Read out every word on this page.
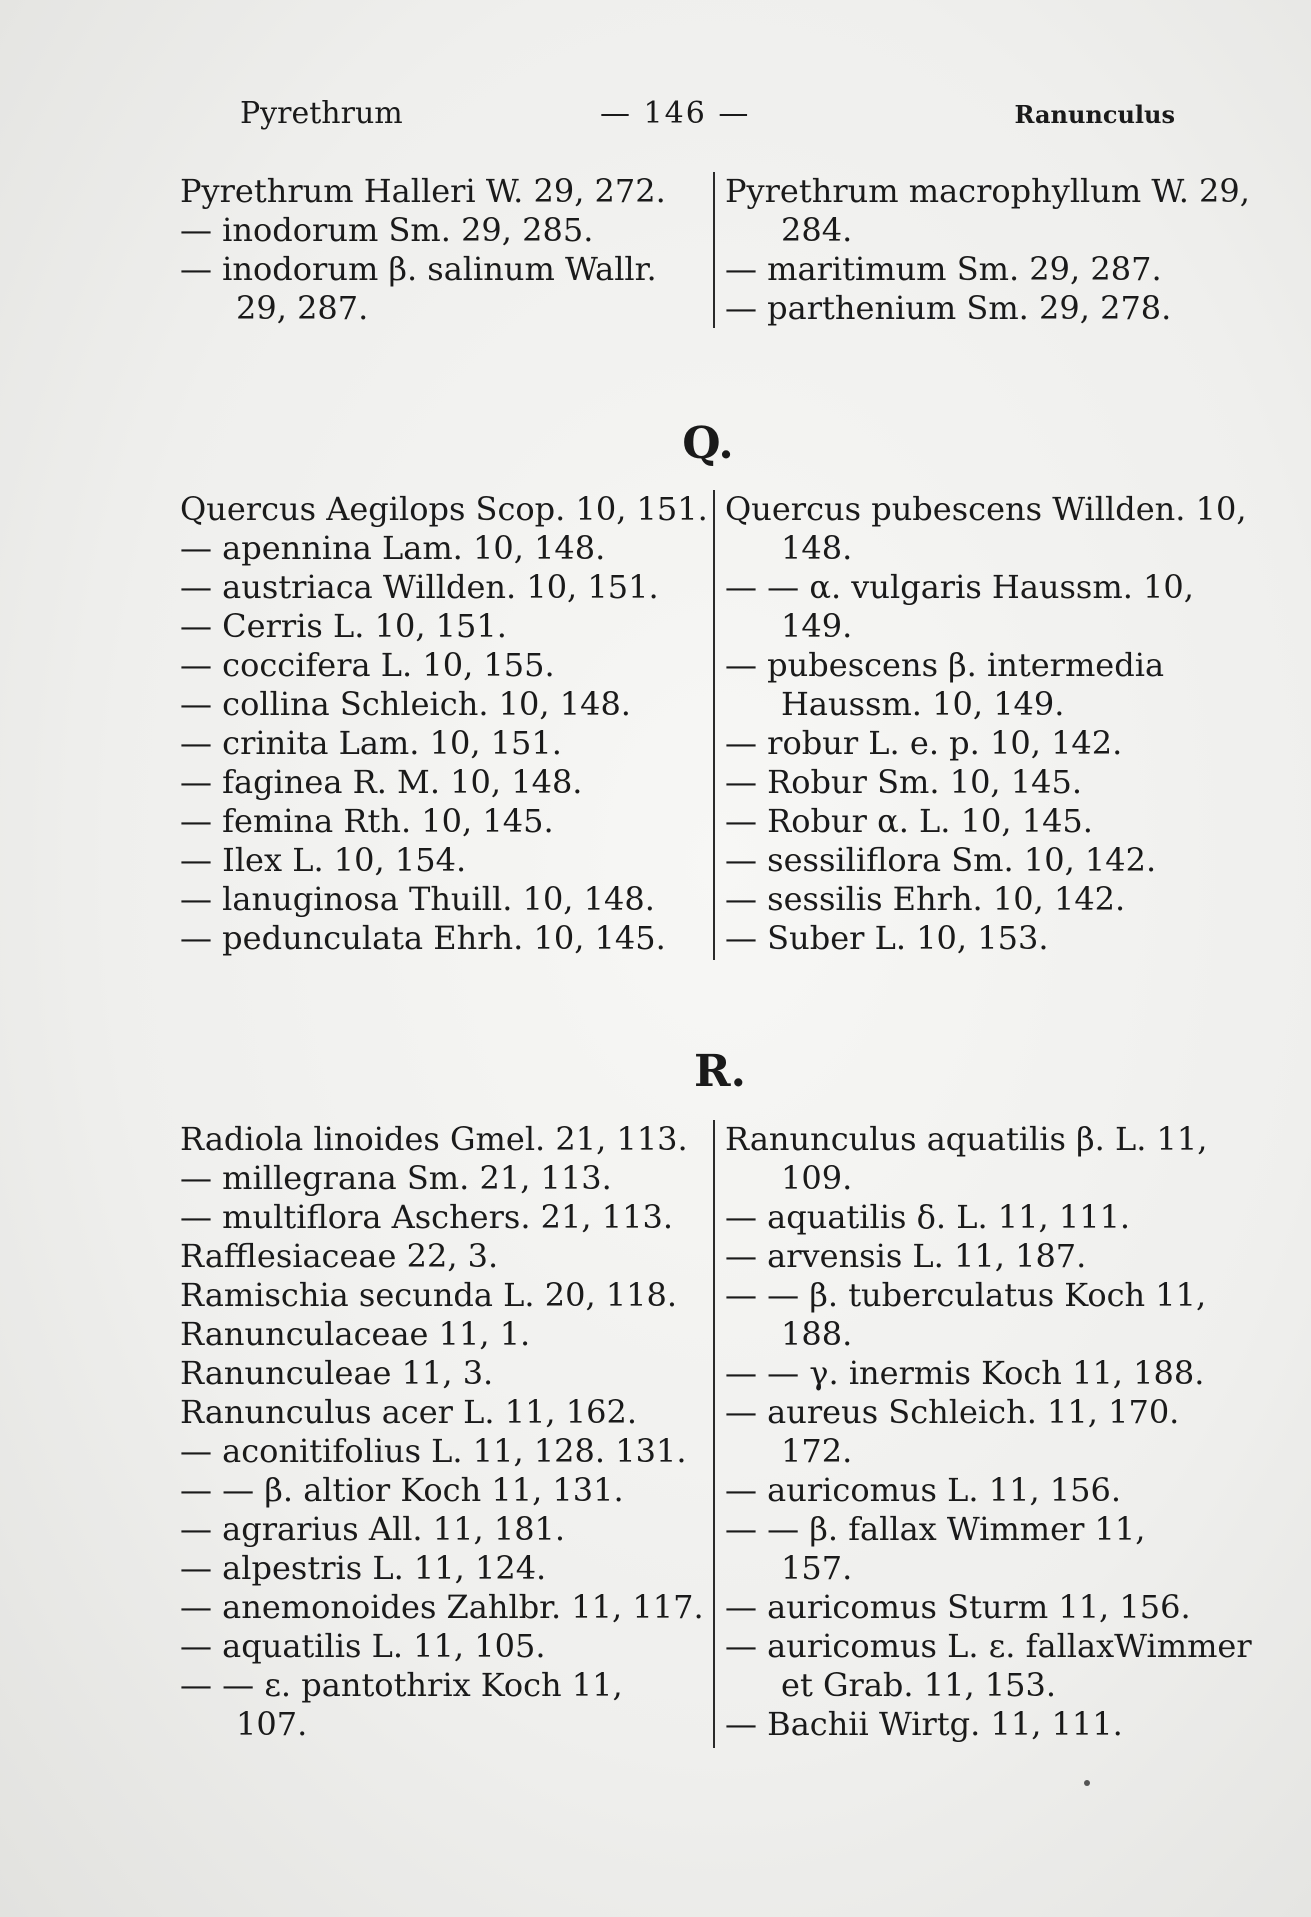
Pyrethrum	— 146 —	Ranunculus
Pyrethrum Halleri W. 29, 272.
— inodorum Sm. 29, 285.
— inodorum β. salinum Wallr.
29, 287.
Pyrethrum macrophyllum W. 29,
284.
— maritimum Sm. 29, 287.
— parthenium Sm. 29, 278.
Q.
Quercus Aegilops Scop. 10, 151.
— apennina Lam. 10, 148.
— austriaca Willden. 10, 151.
— Cerris L. 10, 151.
— coccifera L. 10, 155.
— collina Schleich. 10, 148.
— crinita Lam. 10, 151.
— faginea R. M. 10, 148.
— femina Rth. 10, 145.
— Ilex L. 10, 154.
— lanuginosa Thuill. 10, 148.
— pedunculata Ehrh. 10, 145.
Quercus pubescens Willden. 10,
148.
— — α. vulgaris Haussm. 10,
149.
— pubescens β. intermedia
Haussm. 10, 149.
— robur L. e. p. 10, 142.
— Robur Sm. 10, 145.
— Robur α. L. 10, 145.
— sessiliflora Sm. 10, 142.
— sessilis Ehrh. 10, 142.
— Suber L. 10, 153.
R.
Radiola linoides Gmel. 21, 113.
— millegrana Sm. 21, 113.
— multiflora Aschers. 21, 113.
Rafflesiaceae 22, 3.
Ramischia secunda L. 20, 118.
Ranunculaceae 11, 1.
Ranunculeae 11, 3.
Ranunculus acer L. 11, 162.
— aconitifolius L. 11, 128. 131.
— — β. altior Koch 11, 131.
— agrarius All. 11, 181.
— alpestris L. 11, 124.
— anemonoides Zahlbr. 11, 117.
— aquatilis L. 11, 105.
— — ε. pantothrix Koch 11,
107.
Ranunculus aquatilis β. L. 11,
109.
— aquatilis δ. L. 11, 111.
— arvensis L. 11, 187.
— — β. tuberculatus Koch 11,
188.
— — γ. inermis Koch 11, 188.
— aureus Schleich. 11, 170.
172.
— auricomus L. 11, 156.
— — β. fallax Wimmer 11,
157.
— auricomus Sturm 11, 156.
— auricomus L. ε. fallaxWimmer
et Grab. 11, 153.
— Bachii Wirtg. 11, 111.
